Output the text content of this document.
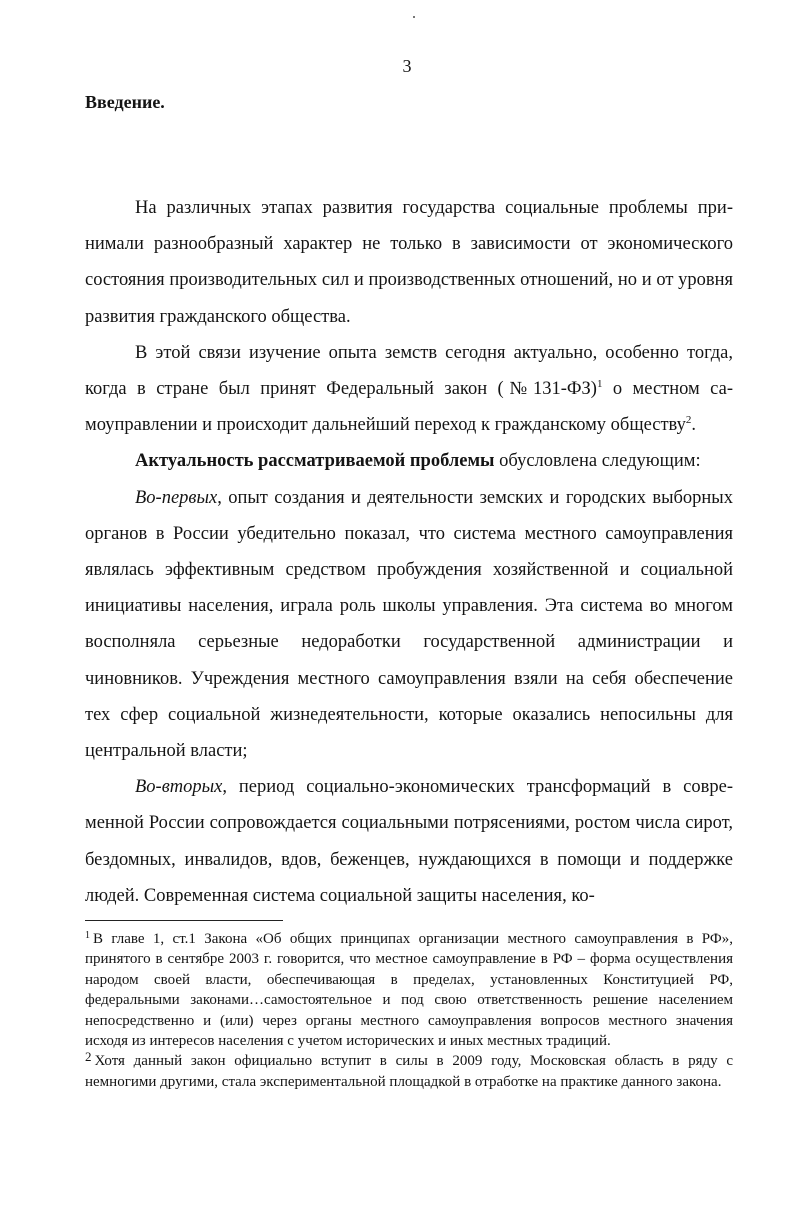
3
Введение.

На различных этапах развития государства социальные проблемы принимали разнообразный характер не только в зависимости от экономического состояния производительных сил и производственных отношений, но и от уровня развития гражданского общества.

В этой связи изучение опыта земств сегодня актуально, особенно тогда, когда в стране был принят Федеральный закон (№131-ФЗ)$^1$ о местном самоуправлении и происходит дальнейший переход к гражданскому обществу$^2$.

Актуальность рассматриваемой проблемы обусловлена следующим:

Во-первых, опыт создания и деятельности земских и городских выборных органов в России убедительно показал, что система местного самоуправления являлась эффективным средством пробуждения хозяйственной и социальной инициативы населения, играла роль школы управления. Эта система во многом восполняла серьезные недоработки государственной администрации и чиновников. Учреждения местного самоуправления взяли на себя обеспечение тех сфер социальной жизнедеятельности, которые оказались непосильны для центральной власти;

Во-вторых, период социально-экономических трансформаций в современной России сопровождается социальными потрясениями, ростом числа сирот, бездомных, инвалидов, вдов, беженцев, нуждающихся в помощи и поддержке людей. Современная система социальной защиты населения, ко-

$^1$ В главе 1, ст.1 Закона «Об общих принципах организации местного самоуправления в РФ», принятого в сентябре 2003 г. говорится, что местное самоуправление в РФ – форма осуществления народом своей власти, обеспечивающая в пределах, установленных Конституцией РФ, федеральными законами…самостоятельное и под свою ответственность решение населением непосредственно и (или) через органы местного самоуправления вопросов местного значения исходя из интересов населения с учетом исторических и иных местных традиций.

2 Хотя данный закон официально вступит в силы в 2009 году, Московская область в ряду с немногими другими, стала экспериментальной площадкой в отработке на практике данного закона.
